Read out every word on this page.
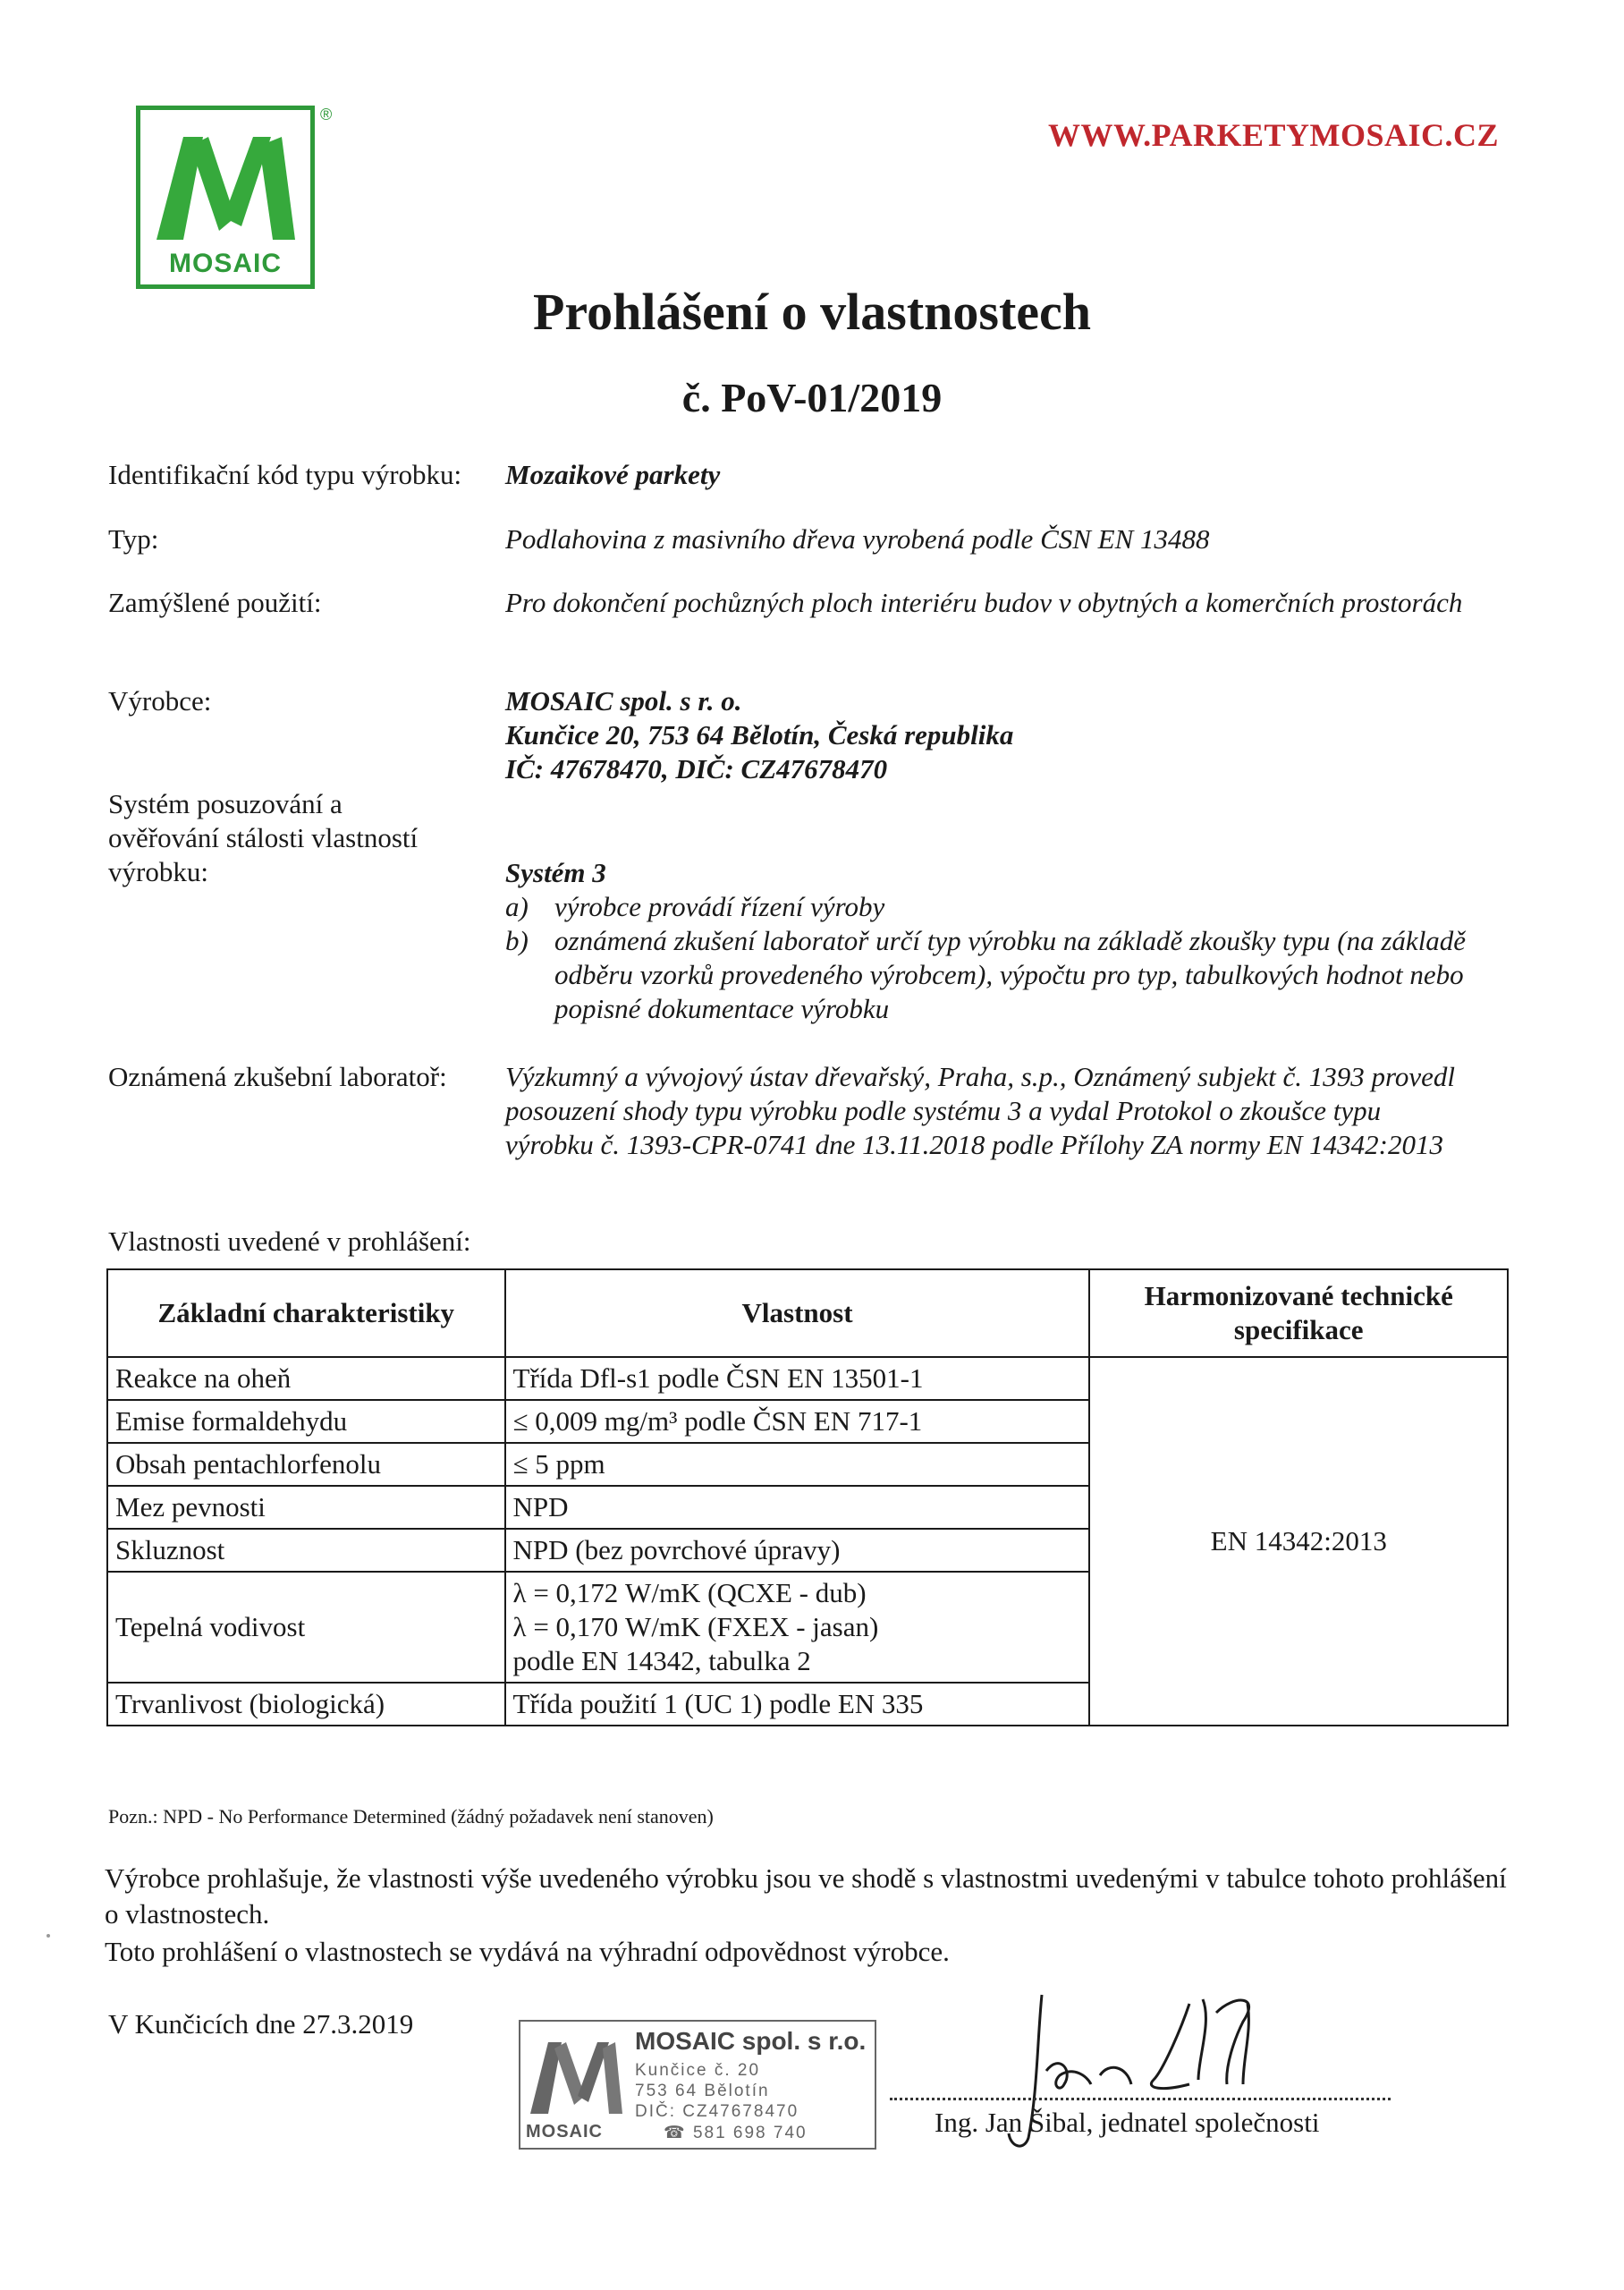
MOSAIC
®
WWW.PARKETYMOSAIC.CZ
Prohlášení o vlastnostech
č. PoV-01/2019
Identifikační kód typu výrobku: Mozaikové parkety
Typ:	Podlahovina z masivního dřeva vyrobená podle ČSN EN 13488
Zamýšlené použití:	Pro dokončení pochůzných ploch interiéru budov v obytných a komerčních prostorách
Výrobce:	MOSAIC spol. s r. o.
Kunčice 20, 753 64 Bělotín, Česká republika
IČ: 47678470, DIČ: CZ47678470
Systém posuzování a
ověřování stálosti vlastností
výrobku:	Systém 3
a) výrobce provádí řízení výroby
b) oznámená zkušení laboratoř určí typ výrobku na základě zkoušky typu (na základě odběru vzorků provedeného výrobcem), výpočtu pro typ, tabulkových hodnot nebo popisné dokumentace výrobku
Oznámená zkušební laboratoř: Výzkumný a vývojový ústav dřevařský, Praha, s.p., Oznámený subjekt č. 1393 provedl posouzení shody typu výrobku podle systému 3 a vydal Protokol o zkoušce typu výrobku č. 1393-CPR-0741 dne 13.11.2018 podle Přílohy ZA normy EN 14342:2013
Vlastnosti uvedené v prohlášení:
Základní charakteristiky	Vlastnost	Harmonizované technické specifikace
Reakce na oheň	Třída Dfl-s1 podle ČSN EN 13501-1	EN 14342:2013
Emise formaldehydu	≤ 0,009 mg/m³ podle ČSN EN 717-1	
Obsah pentachlorfenolu	≤ 5 ppm	
Mez pevnosti	NPD	
Skluznost	NPD (bez povrchové úpravy)	
Tepelná vodivost	λ = 0,172 W/mK (QCXE - dub)
λ = 0,170 W/mK (FXEX - jasan)
podle EN 14342, tabulka 2	

Trvanlivost (biologická)	Třída použití 1 (UC 1) podle EN 335	
Pozn.: NPD - No Performance Determined (žádný požadavek není stanoven)
Výrobce prohlašuje, že vlastnosti výše uvedeného výrobku jsou ve shodě s vlastnostmi uvedenými v tabulce tohoto prohlášení o vlastnostech.
Toto prohlášení o vlastnostech se vydává na výhradní odpovědnost výrobce.
V Kunčicích dne 27.3.2019
MOSAIC spol. s r.o.
Kunčice č. 20
753 64 Bělotín
DIČ: CZ47678470
☎ 581 698 740
MOSAIC	Ing. Jan Šibal, jednatel společnosti
